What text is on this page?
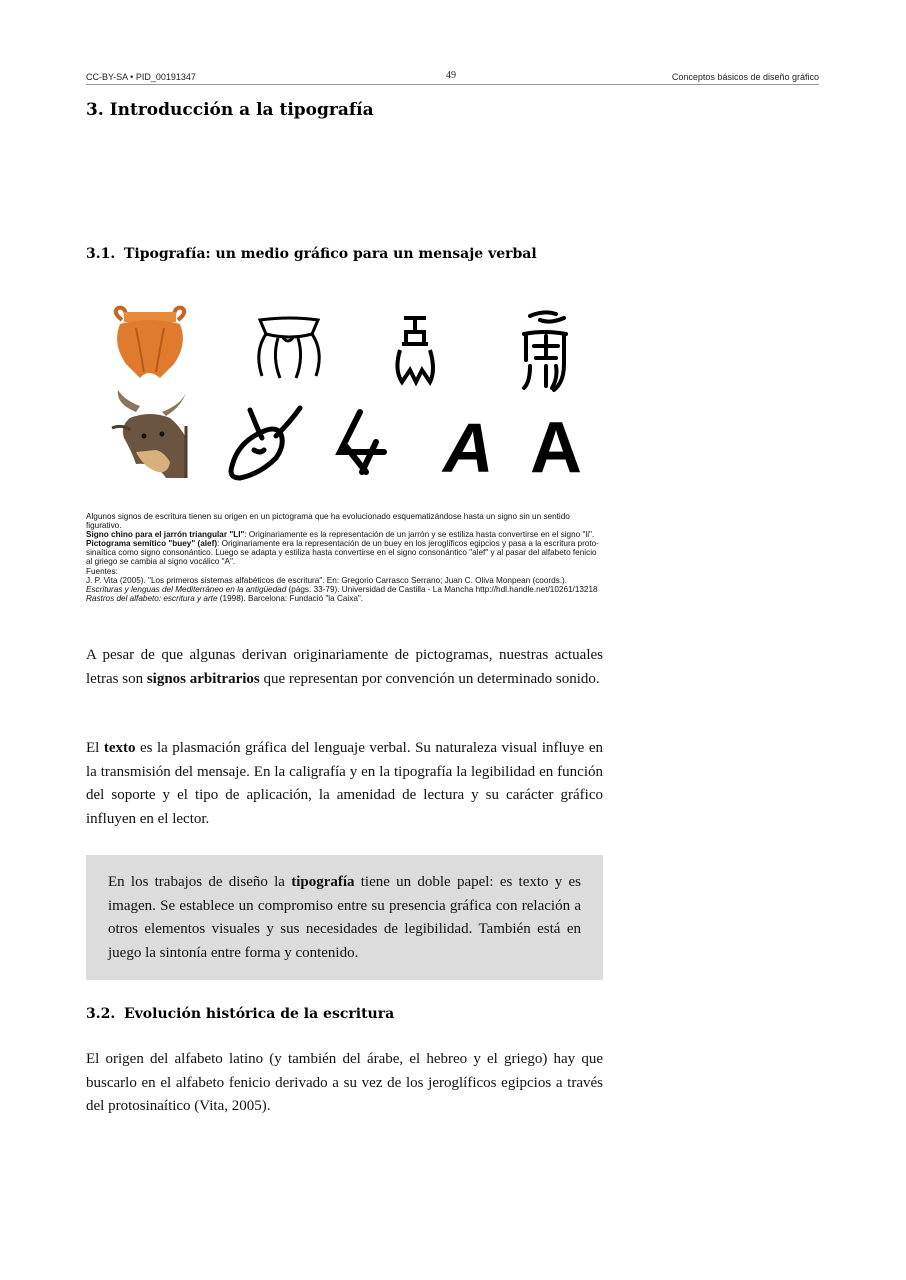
CC-BY-SA • PID_00191347	49	Conceptos básicos de diseño gráfico
3. Introducción a la tipografía
3.1. Tipografía: un medio gráfico para un mensaje verbal
A A

Algunos signos de escritura tienen su origen en un pictograma que ha evolucionado esquematizándose hasta un signo sin un sentido figurativo.

Signo chino para el jarrón triangular "LI": Originariamente es la representación de un jarrón y se estiliza hasta convertirse en el signo "li".

Pictograma semítico "buey" (alef): Originariamente era la representación de un buey en los jeroglíficos egipcios y pasa a la escritura proto-sinaítica como signo consonántico. Luego se adapta y estiliza hasta convertirse en el signo consonántico "alef" y al pasar del alfabeto fenicio al griego se cambia al signo vocálico "A".

Fuentes:

J. P. Vita (2005). "Los primeros sistemas alfabéticos de escritura". En: Gregorio Carrasco Serrano; Juan C. Oliva Monpean (coords.). Escrituras y lenguas del Mediterráneo en la antigüedad (págs. 33-79). Universidad de Castilla - La Mancha http://hdl.handle.net/10261/13218

Rastros del alfabeto: escritura y arte (1998). Barcelona: Fundació "la Caixa".

A pesar de que algunas derivan originariamente de pictogramas, nuestras actuales letras son signos arbitrarios que representan por convención un determinado sonido.

El texto es la plasmación gráfica del lenguaje verbal. Su naturaleza visual influye en la transmisión del mensaje. En la caligrafía y en la tipografía la legibilidad en función del soporte y el tipo de aplicación, la amenidad de lectura y su carácter gráfico influyen en el lector.

En los trabajos de diseño la tipografía tiene un doble papel: es texto y es imagen. Se establece un compromiso entre su presencia gráfica con relación a otros elementos visuales y sus necesidades de legibilidad. También está en juego la sintonía entre forma y contenido.

3.2. Evolución histórica de la escritura

El origen del alfabeto latino (y también del árabe, el hebreo y el griego) hay que buscarlo en el alfabeto fenicio derivado a su vez de los jeroglíficos egipcios a través del protosinaítico (Vita, 2005).
